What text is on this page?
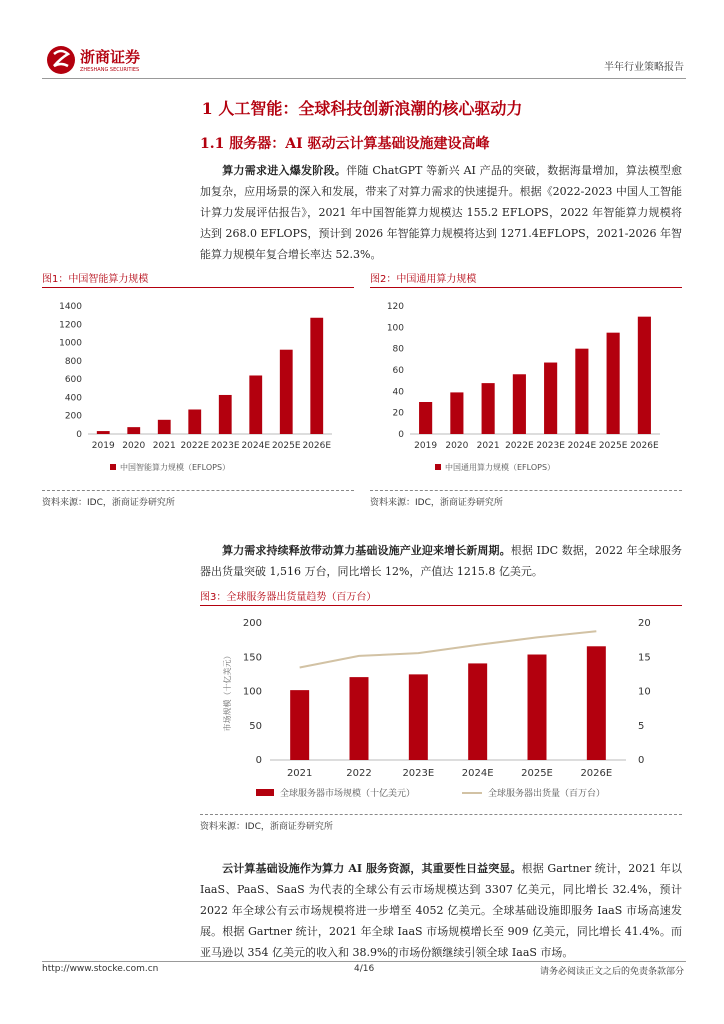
浙商证券
ZHESHANG SECURITIES	半年行业策略报告
1 人工智能：全球科技创新浪潮的核心驱动力
1.1 服务器：AI 驱动云计算基础设施建设高峰
算力需求进入爆发阶段。伴随 ChatGPT 等新兴 AI 产品的突破，数据海量增加，算法模型愈加复杂，应用场景的深入和发展，带来了对算力需求的快速提升。根据《2022-2023 中国人工智能计算力发展评估报告》，2021 年中国智能算力规模达 155.2 EFLOPS，2022 年智能算力规模将达到 268.0 EFLOPS，预计到 2026 年智能算力规模将达到 1271.4EFLOPS，2021-2026 年智能算力规模年复合增长率达 52.3%。
图1：中国智能算力规模
0
200
400
600
800
1000
1200
1400
2019 2020 2021 2022E 2023E 2024E 2025E 2026E
中国智能算力规模（EFLOPS）
资料来源：IDC，浙商证券研究所
图2：中国通用算力规模
0
20
40
60
80
100
120
2019 2020 2021 2022E 2023E 2024E 2025E 2026E
中国通用算力规模（EFLOPS）
资料来源：IDC，浙商证券研究所
算力需求持续释放带动算力基础设施产业迎来增长新周期。根据 IDC 数据，2022 年全球服务器出货量突破 1,516 万台，同比增长 12%，产值达 1215.8 亿美元。
图3：全球服务器出货量趋势（百万台）
0
50
100
150
200
0
5
10
15
20
市场规模（十亿美元）
2021	2022	2023E	2024E	2025E	2026E
全球服务器市场规模（十亿美元）	全球服务器出货量（百万台）
资料来源：IDC，浙商证券研究所
云计算基础设施作为算力 AI 服务资源，其重要性日益突显。根据 Gartner 统计，2021 年以 IaaS、PaaS、SaaS 为代表的全球公有云市场规模达到 3307 亿美元，同比增长 32.4%，预计 2022 年全球公有云市场规模将进一步增至 4052 亿美元。全球基础设施即服务 IaaS 市场高速发展。根据 Gartner 统计，2021 年全球 IaaS 市场规模增长至 909 亿美元，同比增长 41.4%。而亚马逊以 354 亿美元的收入和 38.9%的市场份额继续引领全球 IaaS 市场。
http://www.stocke.com.cn	4/16	请务必阅读正文之后的免责条款部分
